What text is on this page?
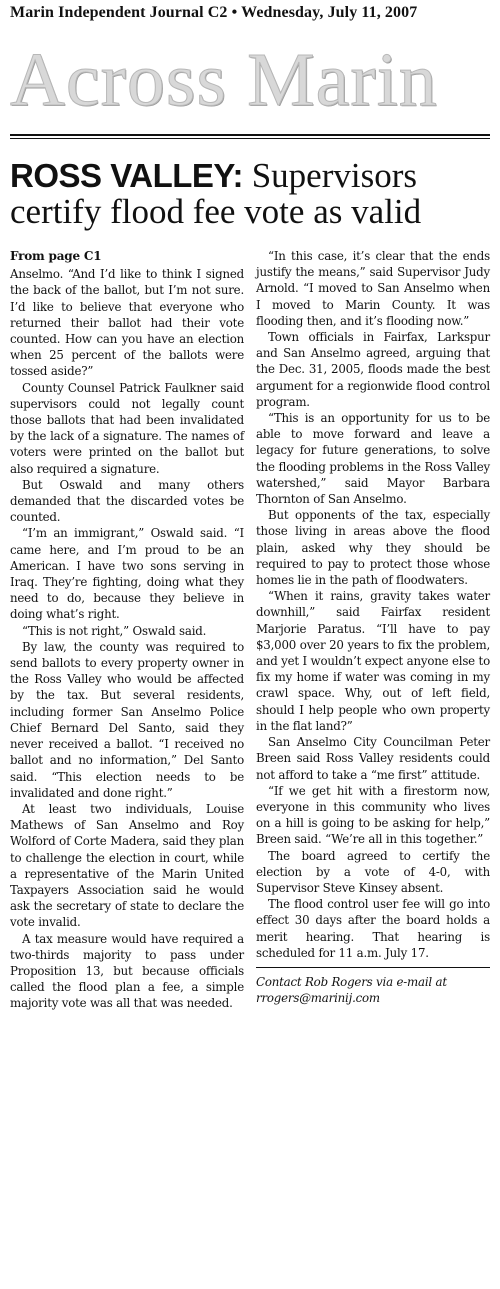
Marin Independent Journal C2 • Wednesday, July 11, 2007
Across Marin
ROSS VALLEY: Supervisors
certify flood fee vote as valid

From page C1

Anselmo. “And I’d like to think I signed the back of the ballot, but I’m not sure. I’d like to believe that everyone who returned their ballot had their vote counted. How can you have an election when 25 percent of the ballots were tossed aside?”

County Counsel Patrick Faulkner said supervisors could not legally count those ballots that had been invalidated by the lack of a signature. The names of voters were printed on the ballot but also required a signature.

But Oswald and many others demanded that the discarded votes be counted.

“I’m an immigrant,” Oswald said. “I came here, and I’m proud to be an American. I have two sons serving in Iraq. They’re fighting, doing what they need to do, because they believe in doing what’s right.

“This is not right,” Oswald said.

By law, the county was required to send ballots to every property owner in the Ross Valley who would be affected by the tax. But several residents, including former San Anselmo Police Chief Bernard Del Santo, said they never received a ballot. “I received no ballot and no information,” Del Santo said. “This election needs to be invalidated and done right.”

At least two individuals, Louise Mathews of San Anselmo and Roy Wolford of Corte Madera, said they plan to challenge the election in court, while a representative of the Marin United Taxpayers Association said he would ask the secretary of state to declare the vote invalid.

A tax measure would have required a two-thirds majority to pass under Proposition 13, but because officials called the flood plan a fee, a simple majority vote was all that was needed.

“In this case, it’s clear that the ends justify the means,” said Supervisor Judy Arnold. “I moved to San Anselmo when I moved to Marin County. It was flooding then, and it’s flooding now.”

Town officials in Fairfax, Larkspur and San Anselmo agreed, arguing that the Dec. 31, 2005, floods made the best argument for a regionwide flood control program.

“This is an opportunity for us to be able to move forward and leave a legacy for future generations, to solve the flooding problems in the Ross Valley watershed,” said Mayor Barbara Thornton of San Anselmo.

But opponents of the tax, especially those living in areas above the flood plain, asked why they should be required to pay to protect those whose homes lie in the path of floodwaters.

“When it rains, gravity takes water downhill,” said Fairfax resident Marjorie Paratus. “I’ll have to pay $3,000 over 20 years to fix the problem, and yet I wouldn’t expect anyone else to fix my home if water was coming in my crawl space. Why, out of left field, should I help people who own property in the flat land?”

San Anselmo City Councilman Peter Breen said Ross Valley residents could not afford to take a “me first” attitude.

“If we get hit with a firestorm now, everyone in this community who lives on a hill is going to be asking for help,” Breen said. “We’re all in this together.”

The board agreed to certify the election by a vote of 4-0, with Supervisor Steve Kinsey absent.

The flood control user fee will go into effect 30 days after the board holds a merit hearing. That hearing is scheduled for 11 a.m. July 17.

Contact Rob Rogers via e-mail at rrogers@marinij.com
